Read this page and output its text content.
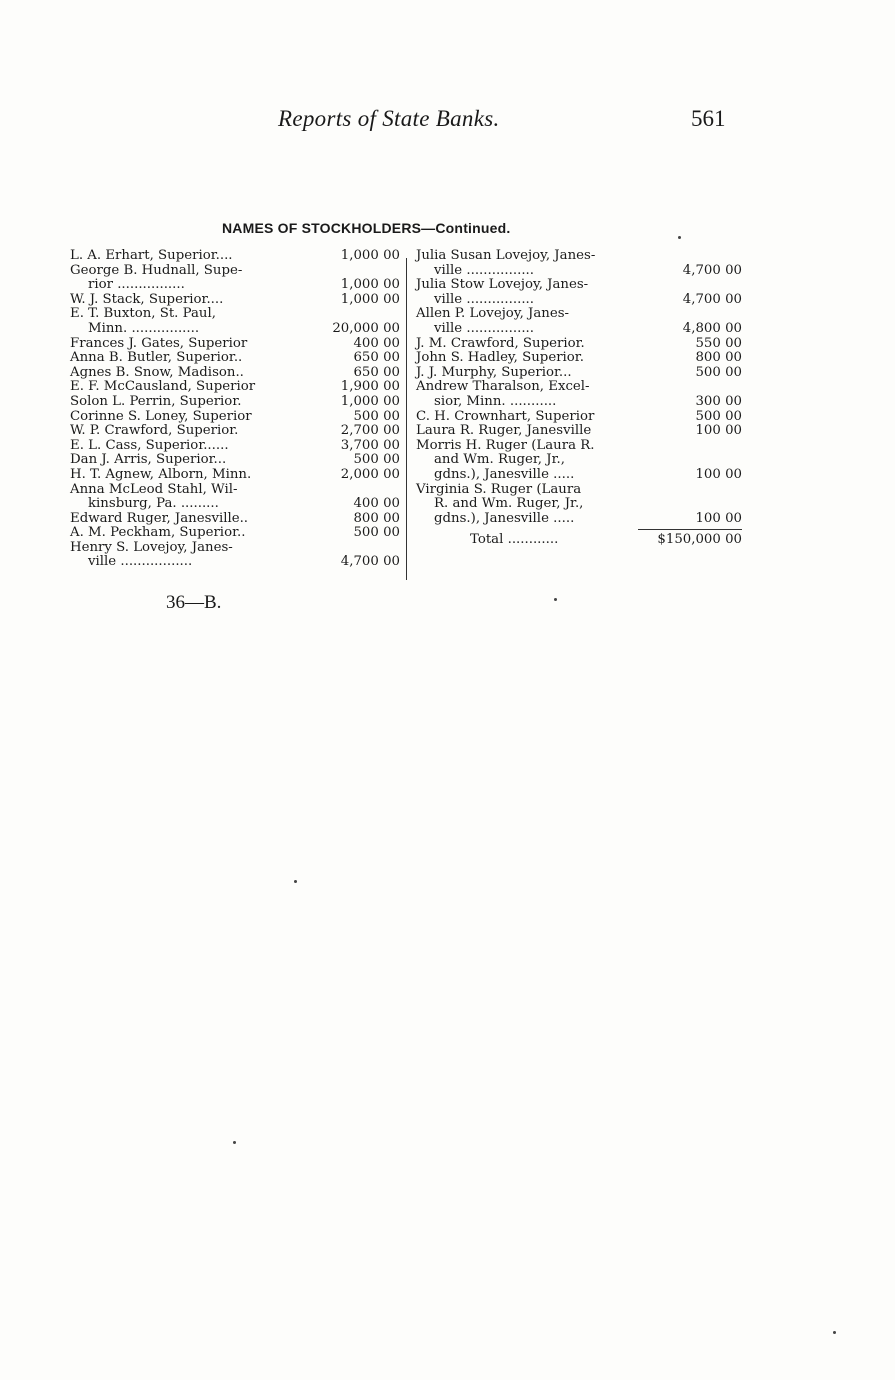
Reports of State Banks.	561
NAMES OF STOCKHOLDERS—Continued.
L. A. Erhart, Superior....	1,000 00
George B. Hudnall, Supe-
rior ................	1,000 00
W. J. Stack, Superior....	1,000 00
E. T. Buxton, St. Paul,
Minn. ................	20,000 00
Frances J. Gates, Superior	400 00
Anna B. Butler, Superior..	650 00
Agnes B. Snow, Madison..	650 00
E. F. McCausland, Superior	1,900 00
Solon L. Perrin, Superior.	1,000 00
Corinne S. Loney, Superior	500 00
W. P. Crawford, Superior.	2,700 00
E. L. Cass, Superior......	3,700 00
Dan J. Arris, Superior...	500 00
H. T. Agnew, Alborn, Minn.	2,000 00
Anna McLeod Stahl, Wil-
kinsburg, Pa. .........	400 00
Edward Ruger, Janesville..	800 00
A. M. Peckham, Superior..	500 00
Henry S. Lovejoy, Janes-
ville .................	4,700 00
Julia Susan Lovejoy, Janes-
ville ................	4,700 00
Julia Stow Lovejoy, Janes-
ville ................	4,700 00
Allen P. Lovejoy, Janes-
ville ................	4,800 00
J. M. Crawford, Superior.	550 00
John S. Hadley, Superior.	800 00
J. J. Murphy, Superior...	500 00
Andrew Tharalson, Excel-
sior, Minn. ...........	300 00
C. H. Crownhart, Superior	500 00
Laura R. Ruger, Janesville	100 00
Morris H. Ruger (Laura R.
and Wm. Ruger, Jr.,
gdns.), Janesville .....	100 00
Virginia S. Ruger (Laura
R. and Wm. Ruger, Jr.,
gdns.), Janesville .....	100 00
Total ............	$150,000 00
36—B.
